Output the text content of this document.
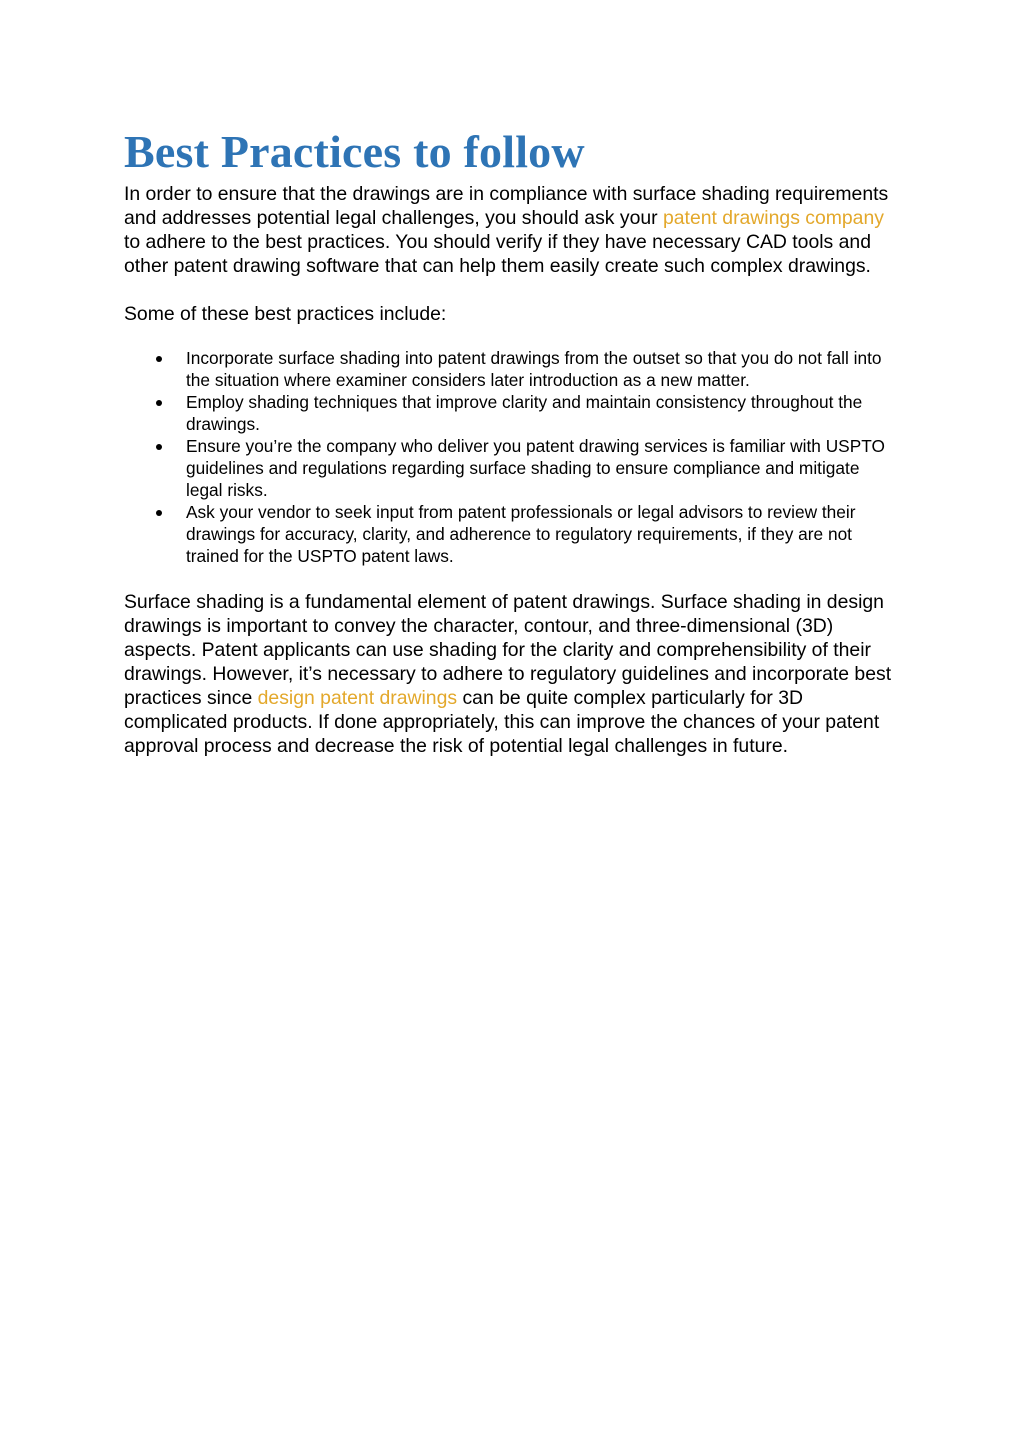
Best Practices to follow

In order to ensure that the drawings are in compliance with surface shading requirements and addresses potential legal challenges, you should ask your patent drawings company to adhere to the best practices. You should verify if they have necessary CAD tools and other patent drawing software that can help them easily create such complex drawings.

Some of these best practices include:

Incorporate surface shading into patent drawings from the outset so that you do not fall into the situation where examiner considers later introduction as a new matter.
Employ shading techniques that improve clarity and maintain consistency throughout the drawings.
Ensure you’re the company who deliver you patent drawing services is familiar with USPTO guidelines and regulations regarding surface shading to ensure compliance and mitigate legal risks.
Ask your vendor to seek input from patent professionals or legal advisors to review their drawings for accuracy, clarity, and adherence to regulatory requirements, if they are not trained for the USPTO patent laws.

Surface shading is a fundamental element of patent drawings. Surface shading in design drawings is important to convey the character, contour, and three-dimensional (3D) aspects. Patent applicants can use shading for the clarity and comprehensibility of their drawings. However, it’s necessary to adhere to regulatory guidelines and incorporate best practices since design patent drawings can be quite complex particularly for 3D complicated products. If done appropriately, this can improve the chances of your patent approval process and decrease the risk of potential legal challenges in future.
